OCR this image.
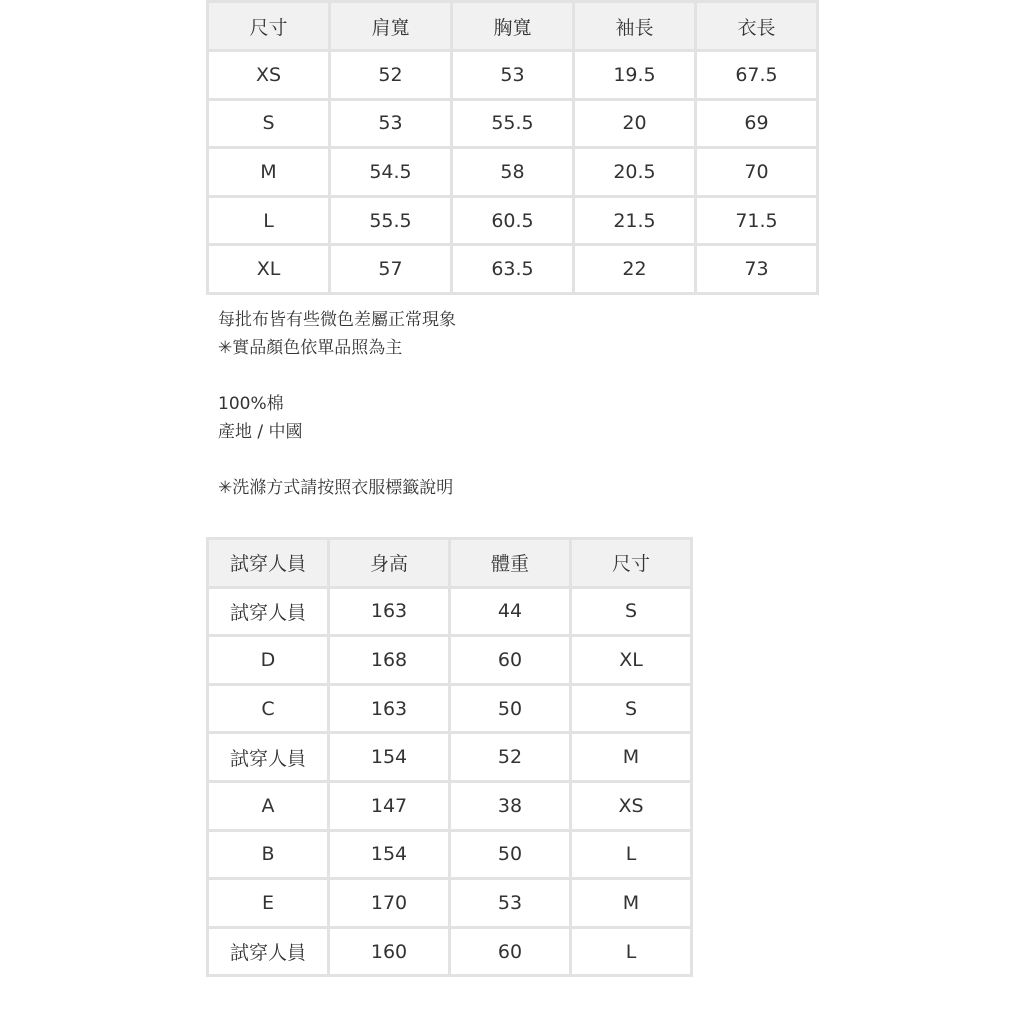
尺寸	肩寬	胸寬	袖長	衣長
XS	52	53	19.5	67.5
S	53	55.5	20	69
M	54.5	58	20.5	70
L	55.5	60.5	21.5	71.5
XL	57	63.5	22	73
每批布皆有些微色差屬正常現象
✳實品顏色依單品照為主
100%棉
產地 / 中國
✳洗滌方式請按照衣服標籤說明
試穿人員	身高	體重	尺寸
試穿人員	163	44	S
D	168	60	XL
C	163	50	S
試穿人員	154	52	M
A	147	38	XS
B	154	50	L
E	170	53	M
試穿人員	160	60	L
